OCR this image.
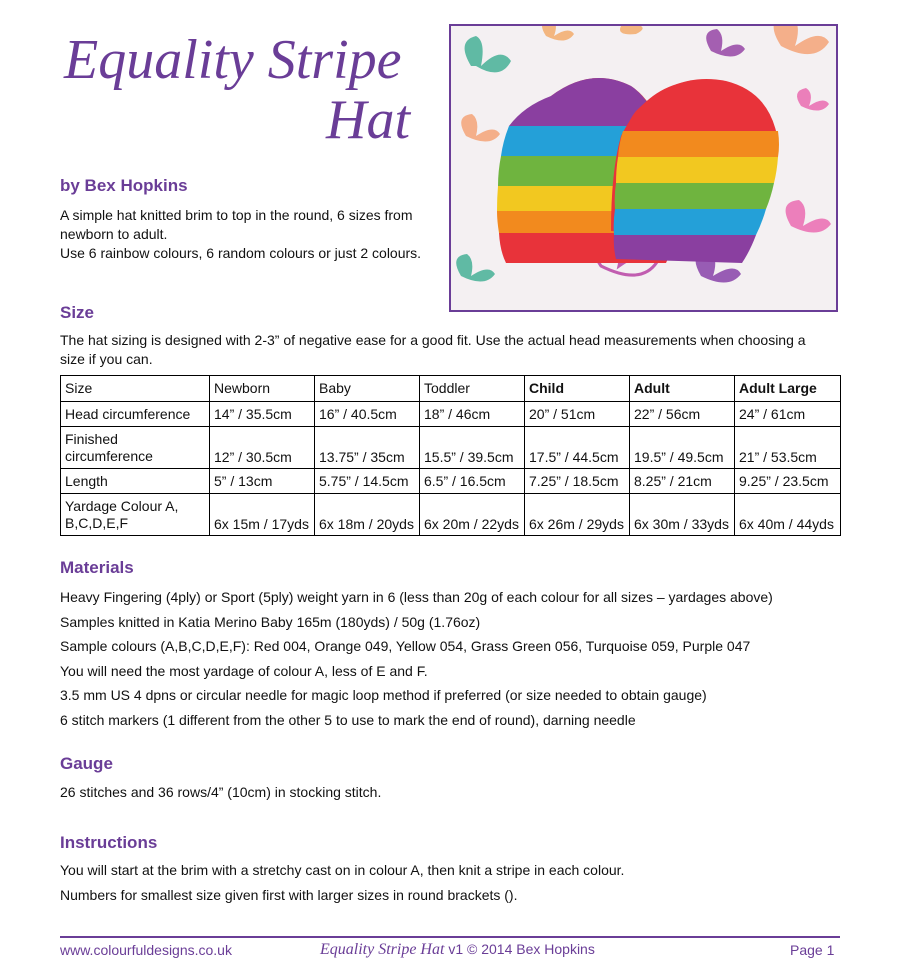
Equality Stripe
Hat
by Bex Hopkins

A simple hat knitted brim to top in the round, 6 sizes from newborn to adult.

Use 6 rainbow colours, 6 random colours or just 2 colours.

Size

The hat sizing is designed with 2-3” of negative ease for a good fit. Use the actual head measurements when choosing a size if you can.

Size	Newborn	Baby	Toddler	Child	Adult	Adult Large
Head circumference	14” / 35.5cm	16” / 40.5cm	18” / 46cm	20” / 51cm	22” / 56cm	24” / 61cm
Finished circumference	12” / 30.5cm	13.75” / 35cm	15.5” / 39.5cm	17.5” / 44.5cm	19.5” / 49.5cm	21” / 53.5cm
Length	5” / 13cm	5.75” / 14.5cm	6.5” / 16.5cm	7.25” / 18.5cm	8.25” / 21cm	9.25” / 23.5cm
Yardage Colour A, B,C,D,E,F	6x 15m / 17yds	6x 18m / 20yds	6x 20m / 22yds	6x 26m / 29yds	6x 30m / 33yds	6x 40m / 44yds
Materials
Heavy Fingering (4ply) or Sport (5ply) weight yarn in 6 (less than 20g of each colour for all sizes – yardages above)
Samples knitted in Katia Merino Baby 165m (180yds) / 50g (1.76oz)
Sample colours (A,B,C,D,E,F): Red 004, Orange 049, Yellow 054, Grass Green 056, Turquoise 059, Purple 047
You will need the most yardage of colour A, less of E and F.
3.5 mm US 4 dpns or circular needle for magic loop method if preferred (or size needed to obtain gauge)
6 stitch markers (1 different from the other 5 to use to mark the end of round), darning needle
Gauge

26 stitches and 36 rows/4” (10cm) in stocking stitch.

Instructions

You will start at the brim with a stretchy cast on in colour A, then knit a stripe in each colour.

Numbers for smallest size given first with larger sizes in round brackets ().

www.colourfuldesigns.co.uk	Equality Stripe Hat v1 © 2014 Bex Hopkins	Page 1
